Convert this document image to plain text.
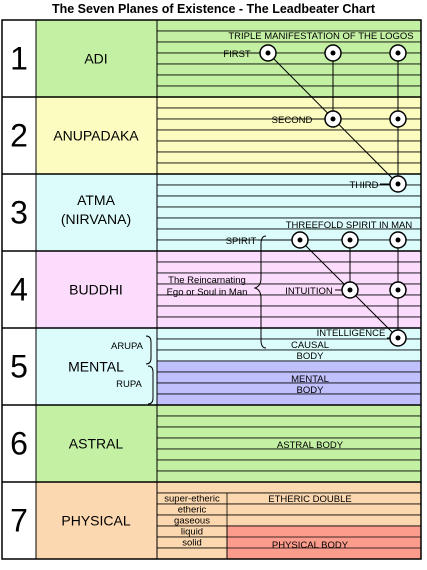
The Seven Planes of Existence - The Leadbeater Chart
1	ADI
2 ANUPADAKA
3	ATMA
(NIRVANA)
4	BUDDHI
5	MENTAL
6	ASTRAL
7 PHYSICAL
ARUPA
RUPA
TRIPLE MANIFESTATION OF THE LOGOS
FIRST
SECOND
THIRD
THREEFOLD SPIRIT IN MAN
SPIRIT
The Reincarnating
Ego or Soul in Man	INTUITION
INTELLIGENCE
CAUSAL
BODY
MENTAL
BODY
ASTRAL BODY
ETHERIC DOUBLE
PHYSICAL BODY
super-etheric
etheric
gaseous
liquid
solid
